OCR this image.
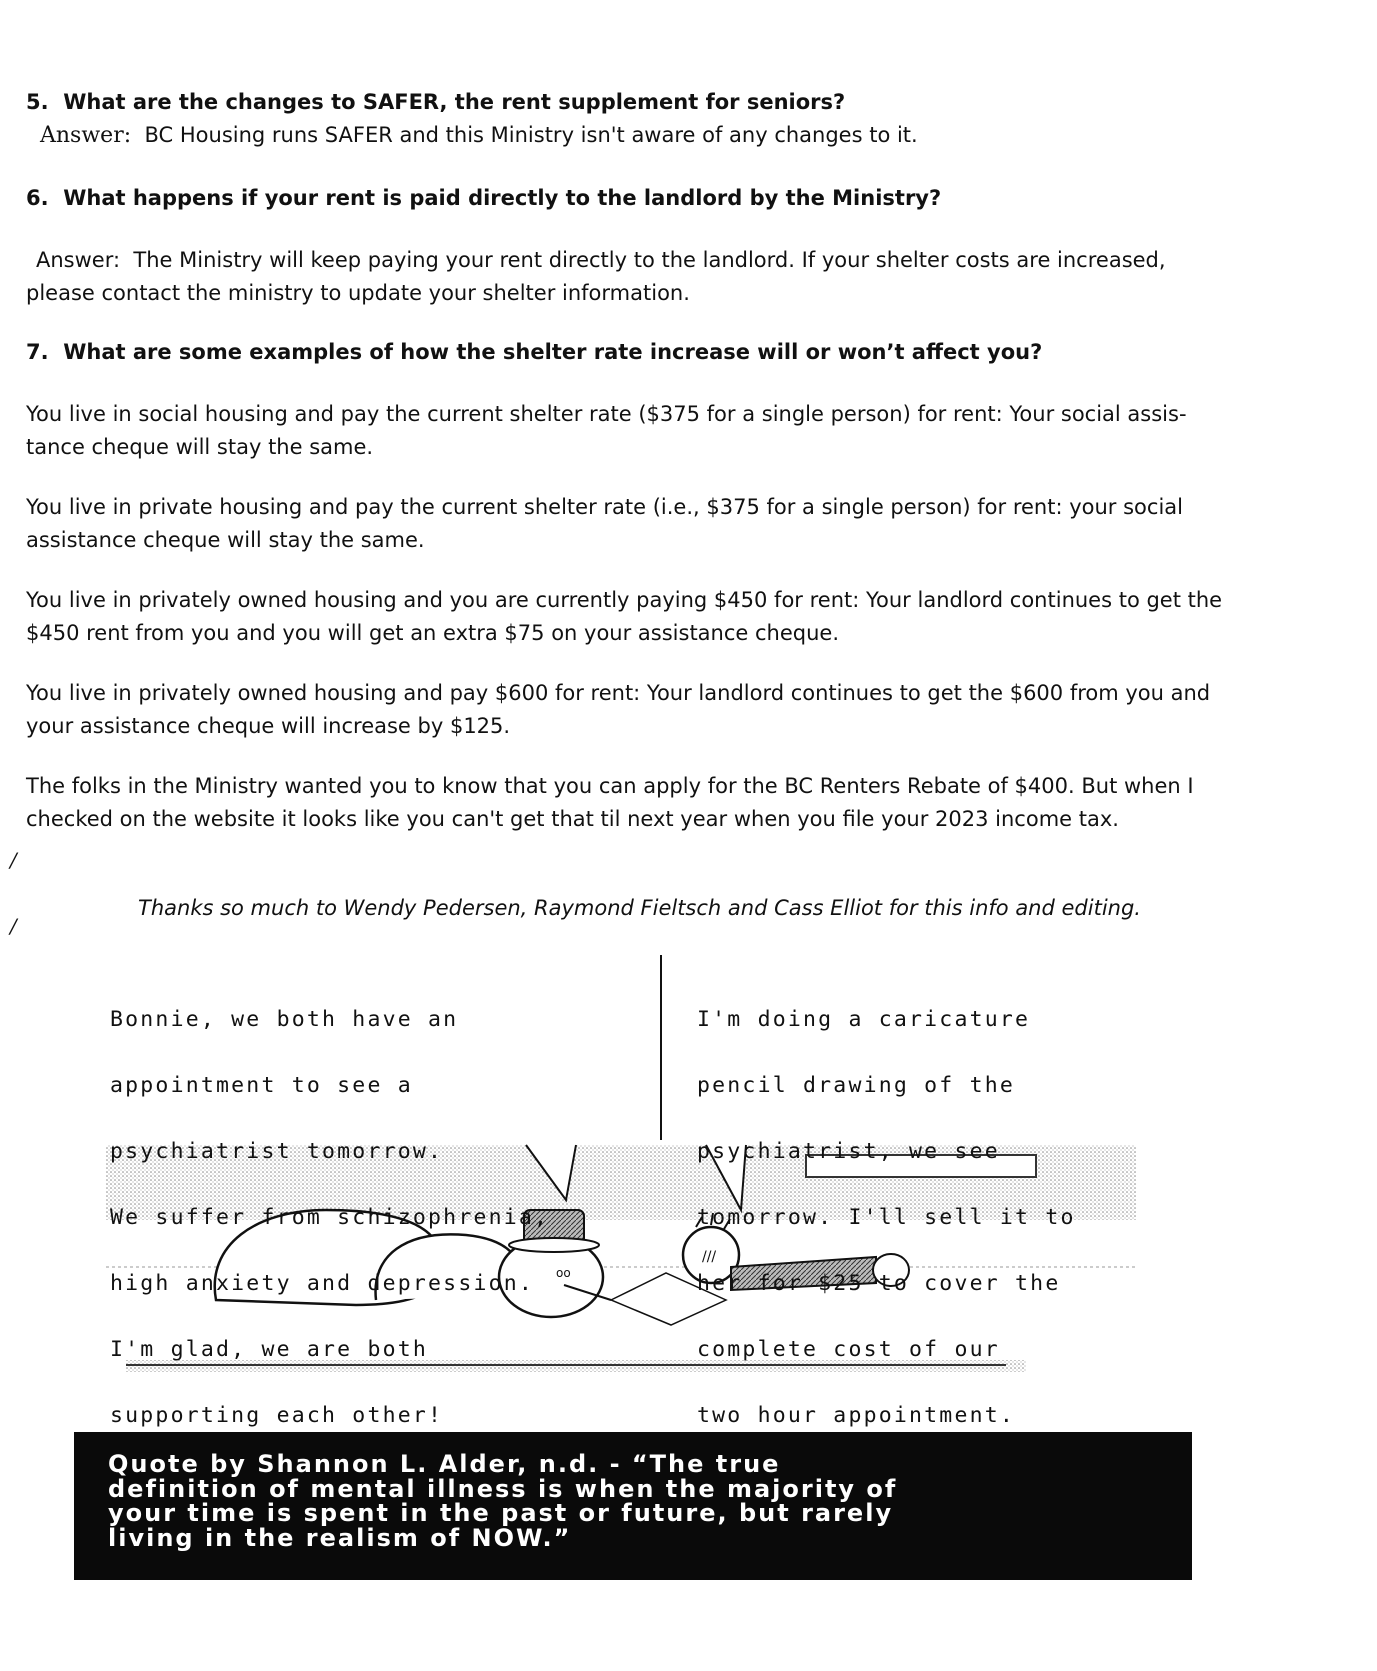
5. What are the changes to SAFER, the rent supplement for seniors?
Answer: BC Housing runs SAFER and this Ministry isn't aware of any changes to it.
6. What happens if your rent is paid directly to the landlord by the Ministry?
Answer: The Ministry will keep paying your rent directly to the landlord. If your shelter costs are increased,
please contact the ministry to update your shelter information.
7. What are some examples of how the shelter rate increase will or won’t affect you?
You live in social housing and pay the current shelter rate ($375 for a single person) for rent: Your social assis-
tance cheque will stay the same.
You live in private housing and pay the current shelter rate (i.e., $375 for a single person) for rent: your social
assistance cheque will stay the same.
You live in privately owned housing and you are currently paying $450 for rent: Your landlord continues to get the
$450 rent from you and you will get an extra $75 on your assistance cheque.
You live in privately owned housing and pay $600 for rent: Your landlord continues to get the $600 from you and
your assistance cheque will increase by $125.
The folks in the Ministry wanted you to know that you can apply for the BC Renters Rebate of $400. But when I
checked on the website it looks like you can't get that til next year when you file your 2023 income tax.
/
/
Thanks so much to Wendy Pedersen, Raymond Fieltsch and Cass Elliot for this info and editing.
oo
///

Bonnie, we both have an

appointment to see a

psychiatrist tomorrow.

We suffer from schizophrenia,

high anxiety and depression.

I'm glad, we are both

supporting each other!

I'm doing a caricature

pencil drawing of the

psychiatrist, we see

tomorrow. I'll sell it to

her for $25 to cover the

complete cost of our

two hour appointment.

Quote by Shannon L. Alder, n.d. - “The true
definition of mental illness is when the majority of
your time is spent in the past or future, but rarely
living in the realism of NOW.”
